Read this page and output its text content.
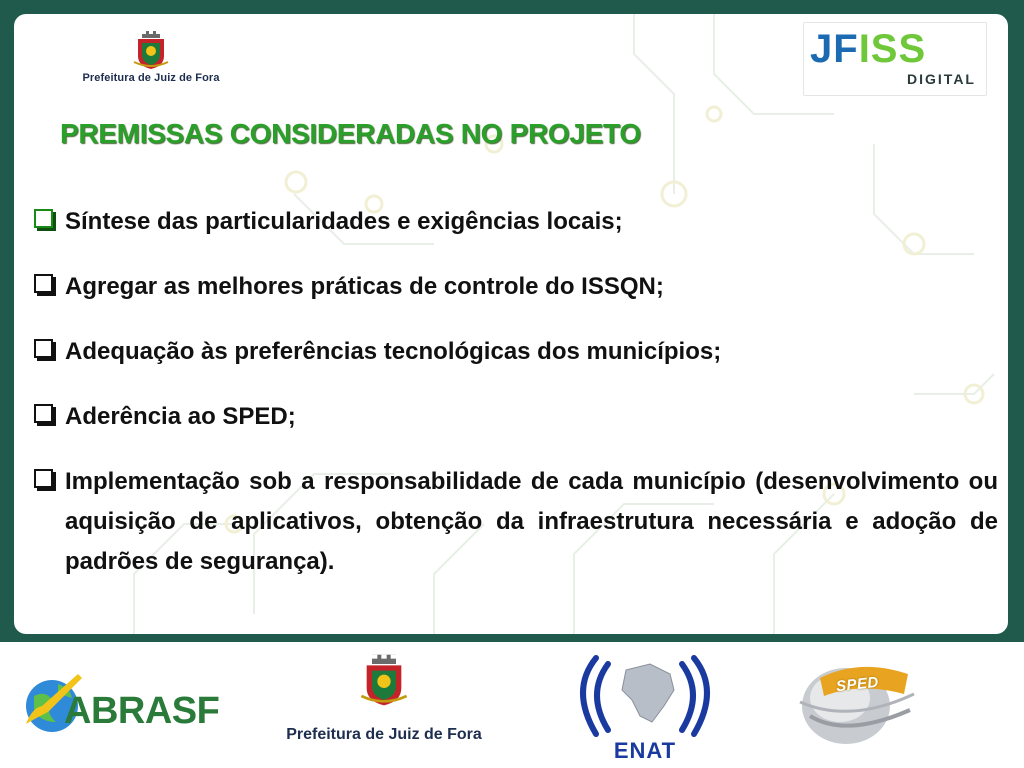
Prefeitura de Juiz de Fora
JFISS
DIGITAL
PREMISSAS CONSIDERADAS NO PROJETO
Síntese das particularidades e exigências locais;
Agregar as melhores práticas de controle do ISSQN;
Adequação às preferências tecnológicas dos municípios;
Aderência ao SPED;
Implementação sob a responsabilidade de cada município (desenvolvimento ou aquisição de aplicativos, obtenção da infraestrutura necessária e adoção de padrões de segurança).
ABRASF
Prefeitura de Juiz de Fora
ENAT
SPED
